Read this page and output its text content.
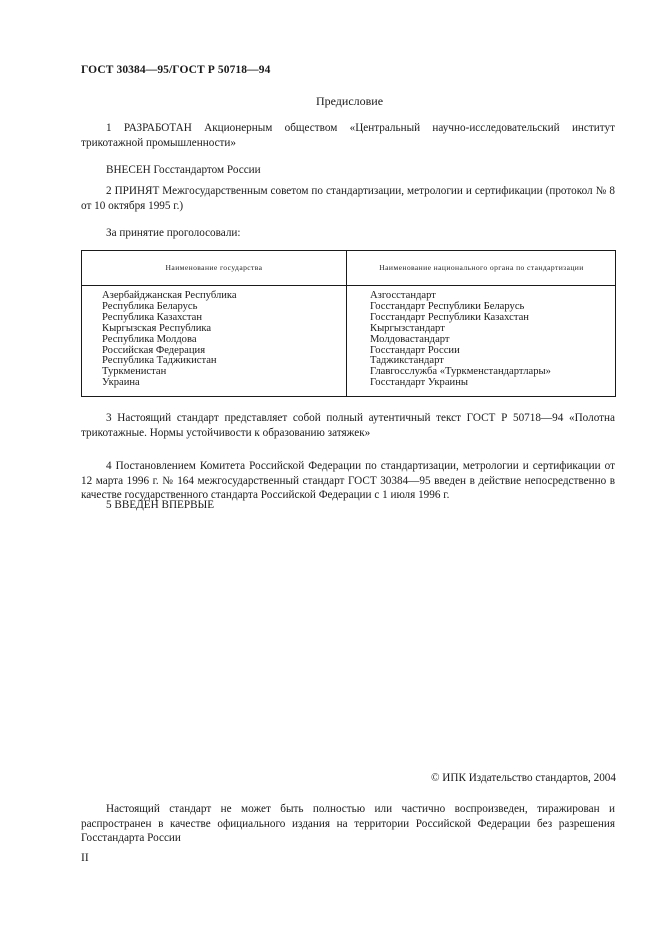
ГОСТ 30384—95/ГОСТ Р 50718—94
Предисловие
1 РАЗРАБОТАН Акционерным обществом «Центральный научно-исследовательский институт трикотажной промышленности»
ВНЕСЕН Госстандартом России
2 ПРИНЯТ Межгосударственным советом по стандартизации, метрологии и сертификации (протокол № 8 от 10 октября 1995 г.)
За принятие проголосовали:
Наименование государства	Наименование национального органа по стандартизации
Азербайджанская Республика
Республика Беларусь
Республика Казахстан
Кыргызская Республика
Республика Молдова
Российская Федерация
Республика Таджикистан
Туркменистан
Украина
Азгосстандарт
Госстандарт Республики Беларусь
Госстандарт Республики Казахстан
Кыргызстандарт
Молдовастандарт
Госстандарт России
Таджикстандарт
Главгосслужба «Туркменстандартлары»
Госстандарт Украины
3 Настоящий стандарт представляет собой полный аутентичный текст ГОСТ Р 50718—94 «Полотна трикотажные. Нормы устойчивости к образованию затяжек»
4 Постановлением Комитета Российской Федерации по стандартизации, метрологии и сертификации от 12 марта 1996 г. № 164 межгосударственный стандарт ГОСТ 30384—95 введен в действие непосредственно в качестве государственного стандарта Российской Федерации с 1 июля 1996 г.
5 ВВЕДЕН ВПЕРВЫЕ
© ИПК Издательство стандартов, 2004
Настоящий стандарт не может быть полностью или частично воспроизведен, тиражирован и распространен в качестве официального издания на территории Российской Федерации без разрешения Госстандарта России
II
